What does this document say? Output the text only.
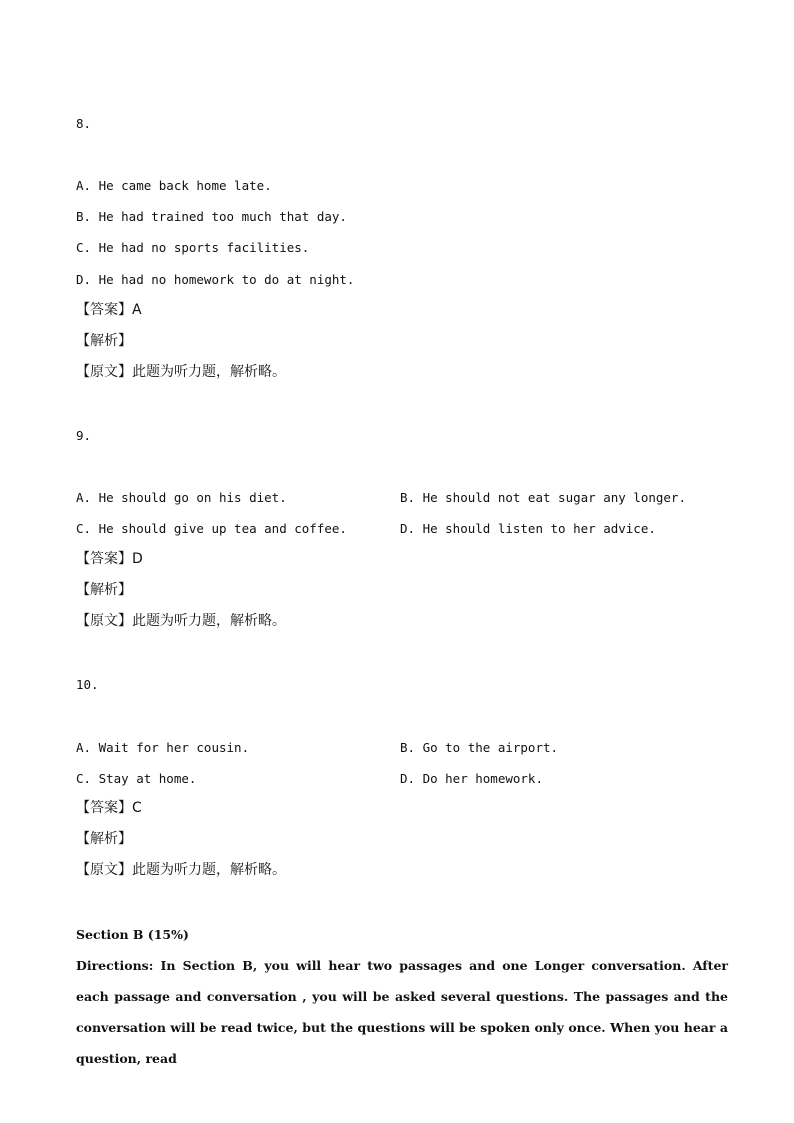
8.
A. He came back home late.
B. He had trained too much that day.
C. He had no sports facilities.
D. He had no homework to do at night.
【答案】A
【解析】
【原文】此题为听力题，解析略。
9.
A. He should go on his diet.	B. He should not eat sugar any longer.
C. He should give up tea and coffee.	D. He should listen to her advice.
【答案】D
【解析】
【原文】此题为听力题，解析略。
10.
A. Wait for her cousin.	B. Go to the airport.
C. Stay at home.	D. Do her homework.
【答案】C
【解析】
【原文】此题为听力题，解析略。
Section B (15%)
Directions: In Section B, you will hear two passages and one Longer conversation. After each passage and conversation , you will be asked several questions. The passages and the conversation will be read twice, but the questions will be spoken only once. When you hear a question, read
